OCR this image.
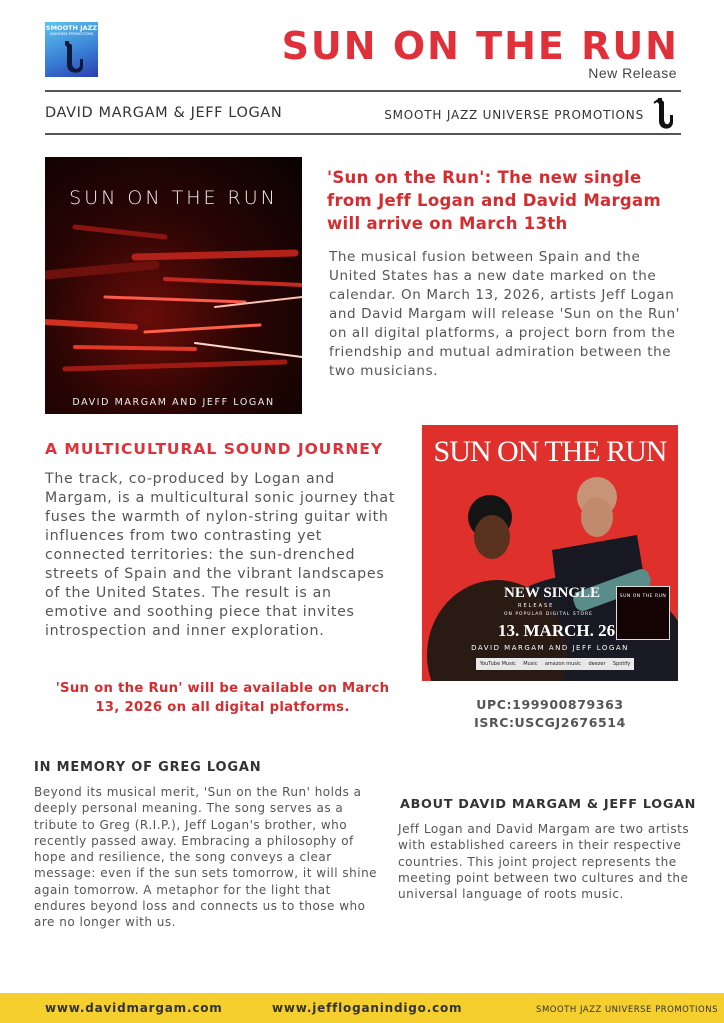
SMOOTH JAZZ
UNIVERSE PROMOTIONS	SUN ON THE RUN
New Release
DAVID MARGAM & JEFF LOGAN	SMOOTH JAZZ UNIVERSE PROMOTIONS
SUN ON THE RUN
DAVID MARGAM AND JEFF LOGAN
'Sun on the Run': The new single from Jeff Logan and David Margam will arrive on March 13th
The musical fusion between Spain and the United States has a new date marked on the calendar. On March 13, 2026, artists Jeff Logan and David Margam will release 'Sun on the Run' on all digital platforms, a project born from the friendship and mutual admiration between the two musicians.
A MULTICULTURAL SOUND JOURNEY
The track, co-produced by Logan and Margam, is a multicultural sonic journey that fuses the warmth of nylon-string guitar with influences from two contrasting yet connected territories: the sun-drenched streets of Spain and the vibrant landscapes of the United States. The result is an emotive and soothing piece that invites introspection and inner exploration.
'Sun on the Run' will be available on March 13, 2026 on all digital platforms.
SUN ON THE RUN
NEW SINGLE
RELEASE
ON POPULAR DIGITAL STORE
13. MARCH. 26
SUN ON THE RUN
DAVID MARGAM AND JEFF LOGAN
YouTube Music Music amazon music deezer Spotify
UPC:199900879363
ISRC:USCGJ2676514
IN MEMORY OF GREG LOGAN
Beyond its musical merit, 'Sun on the Run' holds a deeply personal meaning. The song serves as a tribute to Greg (R.I.P.), Jeff Logan's brother, who recently passed away. Embracing a philosophy of hope and resilience, the song conveys a clear message: even if the sun sets tomorrow, it will shine again tomorrow. A metaphor for the light that endures beyond loss and connects us to those who are no longer with us.
ABOUT DAVID MARGAM & JEFF LOGAN
Jeff Logan and David Margam are two artists with established careers in their respective countries. This joint project represents the meeting point between two cultures and the universal language of roots music.
www.davidmargam.com	www.jeffloganindigo.com	SMOOTH JAZZ UNIVERSE PROMOTIONS
